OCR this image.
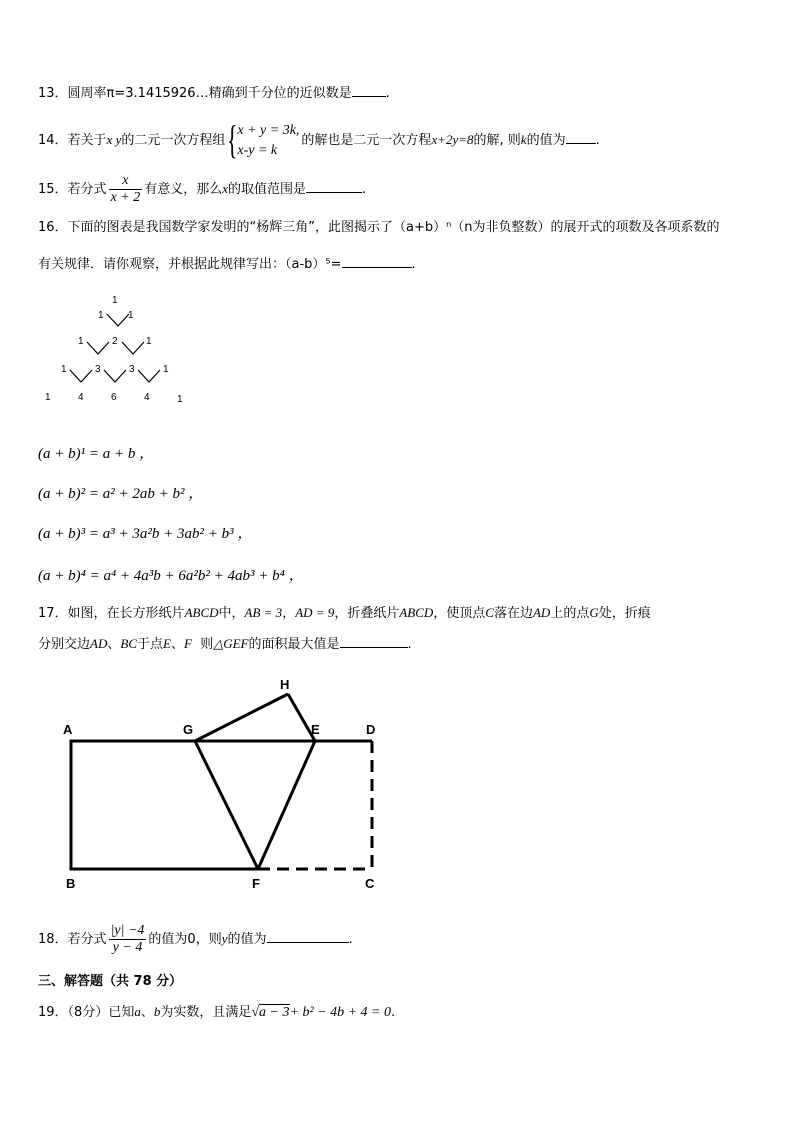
13．圆周率π=3.1415926…精确到千分位的近似数是	.
14．若关于x y的二元一次方程组 { x + y = 3k,
x-y = k
的解也是二元一次方程x+2y=8的解, 则k的值为 .
15．若分式 $\frac{x}{x + 2}$ 有意义，那么x的取值范围是	.
16．下面的图表是我国数学家发明的“杨辉三角”，此图揭示了（a+b）ⁿ（n为非负整数）的展开式的项数及各项系数的
有关规律．请你观察，并根据此规律写出：（a-b）⁵=	.
1
1 1
1	2	1
1	3	3	1
1	4	6	4	1
(a + b)¹ = a + b ，
(a + b)² = a² + 2ab + b² ，
(a + b)³ = a³ + 3a²b + 3ab² + b³ ，
(a + b)⁴ = a⁴ + 4a³b + 6a²b² + 4ab³ + b⁴ ，
17．如图，在长方形纸片ABCD中，AB = 3，AD = 9，折叠纸片ABCD，使顶点C落在边AD上的点G处，折痕
分别交边AD、BC于点E、F 则△GEF的面积最大值是	.
A	G	E	D
H
B	F	C
18．若分式 $\frac{|y| -4}{y - 4}$ 的值为0，则y的值为	.
三、解答题（共 78 分）
19．（8分）已知a、b为实数，且满足√a − 3+ b² − 4b + 4 = 0.
